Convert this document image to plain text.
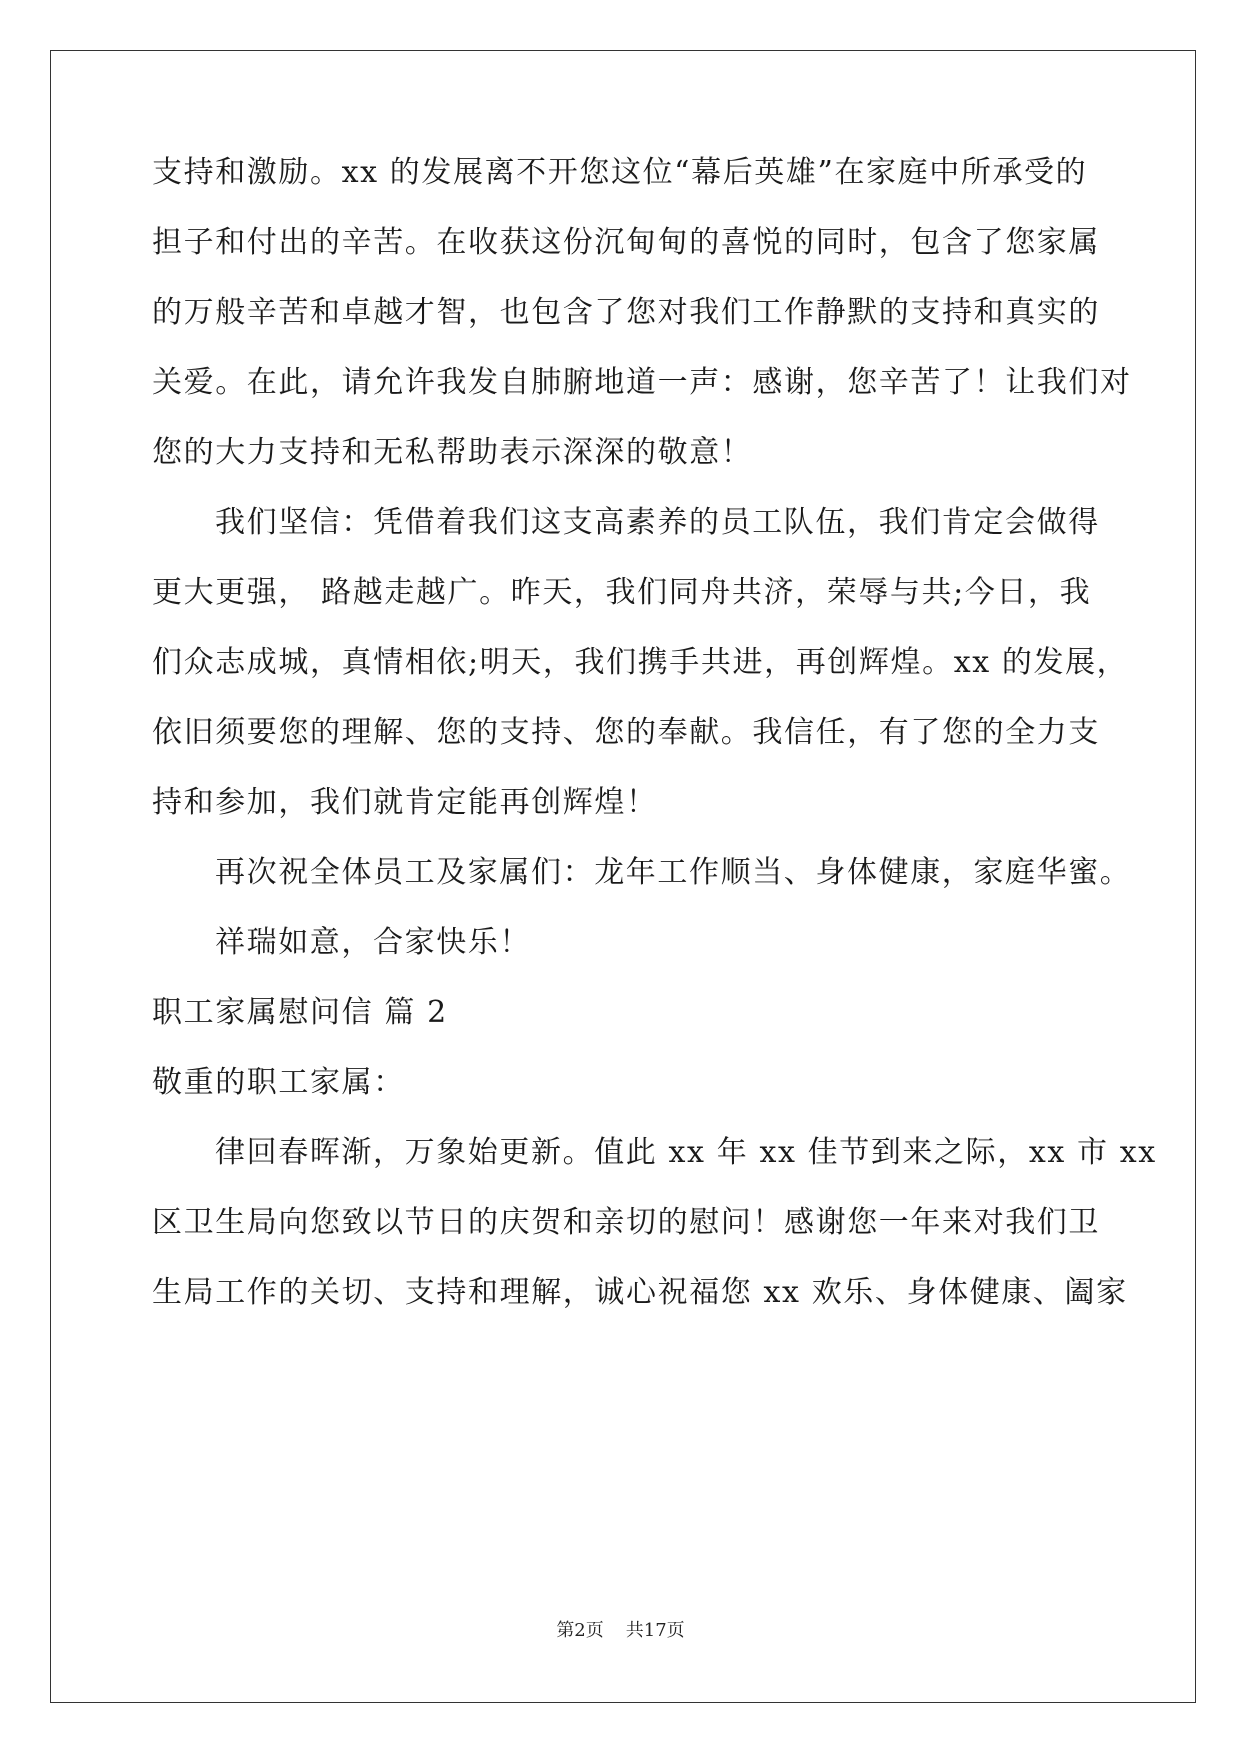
支持和激励。xx 的发展离不开您这位“幕后英雄”在家庭中所承受的
担子和付出的辛苦。在收获这份沉甸甸的喜悦的同时，包含了您家属
的万般辛苦和卓越才智，也包含了您对我们工作静默的支持和真实的
关爱。在此，请允许我发自肺腑地道一声：感谢，您辛苦了！让我们对
您的大力支持和无私帮助表示深深的敬意！
我们坚信：凭借着我们这支高素养的员工队伍，我们肯定会做得
更大更强， 路越走越广。昨天，我们同舟共济，荣辱与共;今日，我
们众志成城，真情相依;明天，我们携手共进，再创辉煌。xx 的发展，
依旧须要您的理解、您的支持、您的奉献。我信任，有了您的全力支
持和参加，我们就肯定能再创辉煌！
再次祝全体员工及家属们：龙年工作顺当、身体健康，家庭华蜜。
祥瑞如意，合家快乐！
职工家属慰问信 篇 2
敬重的职工家属：
律回春晖渐，万象始更新。值此 xx 年 xx 佳节到来之际，xx 市 xx
区卫生局向您致以节日的庆贺和亲切的慰问！感谢您一年来对我们卫
生局工作的关切、支持和理解，诚心祝福您 xx 欢乐、身体健康、阖家
第2页 共17页
